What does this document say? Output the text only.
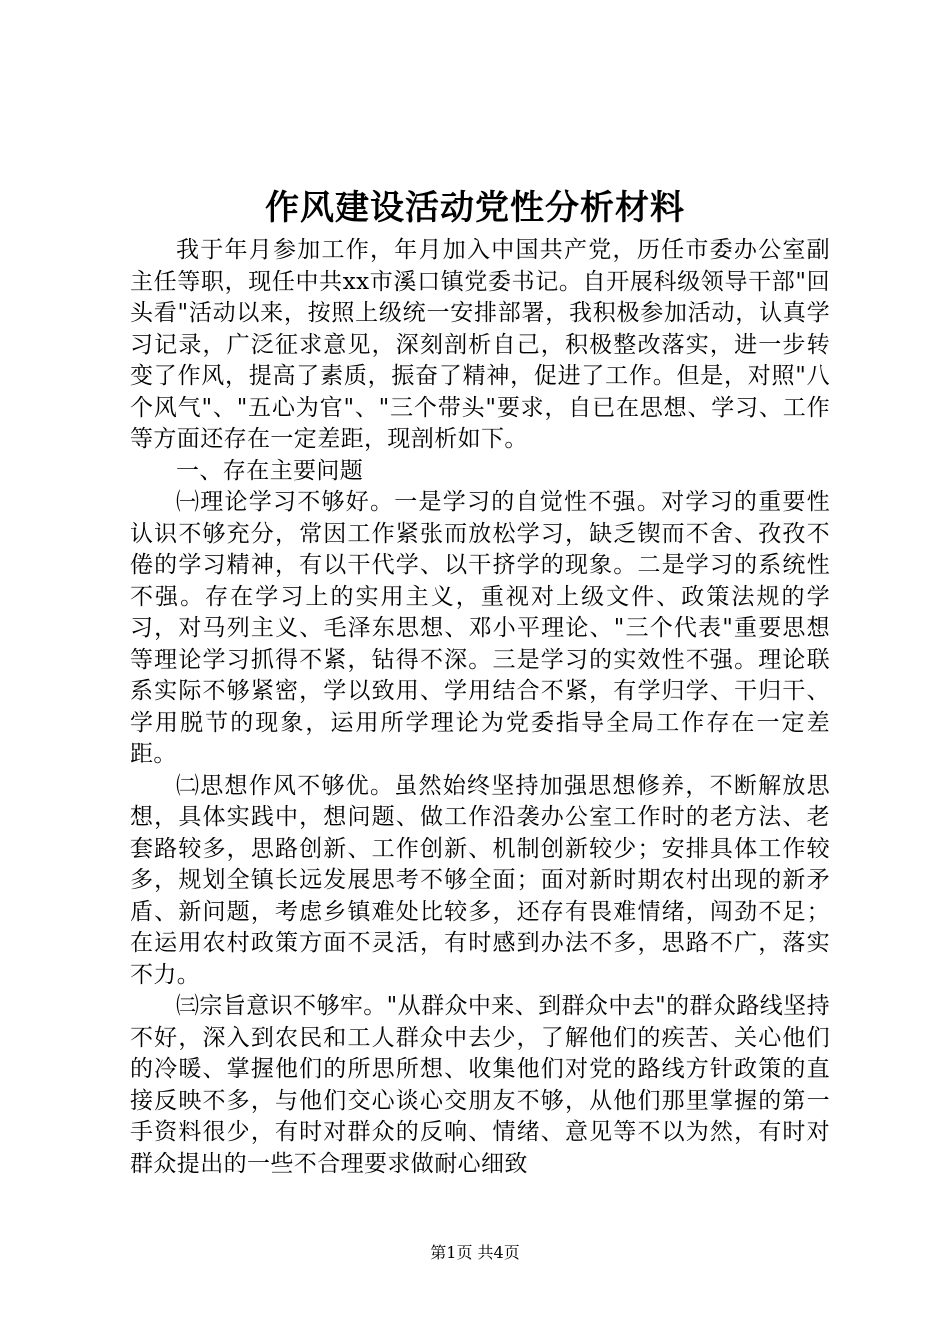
作风建设活动党性分析材料

我于年月参加工作，年月加入中国共产党，历任市委办公室副主任等职，现任中共xx市溪口镇党委书记。自开展科级领导干部"回头看"活动以来，按照上级统一安排部署，我积极参加活动，认真学习记录，广泛征求意见，深刻剖析自己，积极整改落实，进一步转变了作风，提高了素质，振奋了精神，促进了工作。但是，对照"八个风气"、"五心为官"、"三个带头"要求，自已在思想、学习、工作等方面还存在一定差距，现剖析如下。

一、存在主要问题

㈠理论学习不够好。一是学习的自觉性不强。对学习的重要性认识不够充分，常因工作紧张而放松学习，缺乏锲而不舍、孜孜不倦的学习精神，有以干代学、以干挤学的现象。二是学习的系统性不强。存在学习上的实用主义，重视对上级文件、政策法规的学习，对马列主义、毛泽东思想、邓小平理论、"三个代表"重要思想等理论学习抓得不紧，钻得不深。三是学习的实效性不强。理论联系实际不够紧密，学以致用、学用结合不紧，有学归学、干归干、学用脱节的现象，运用所学理论为党委指导全局工作存在一定差距。

㈡思想作风不够优。虽然始终坚持加强思想修养，不断解放思想，具体实践中，想问题、做工作沿袭办公室工作时的老方法、老套路较多，思路创新、工作创新、机制创新较少；安排具体工作较多，规划全镇长远发展思考不够全面；面对新时期农村出现的新矛盾、新问题，考虑乡镇难处比较多，还存有畏难情绪，闯劲不足；在运用农村政策方面不灵活，有时感到办法不多，思路不广，落实不力。

㈢宗旨意识不够牢。"从群众中来、到群众中去"的群众路线坚持不好，深入到农民和工人群众中去少，了解他们的疾苦、关心他们的冷暖、掌握他们的所思所想、收集他们对党的路线方针政策的直接反映不多，与他们交心谈心交朋友不够，从他们那里掌握的第一手资料很少，有时对群众的反响、情绪、意见等不以为然，有时对群众提出的一些不合理要求做耐心细致

第1页 共4页
